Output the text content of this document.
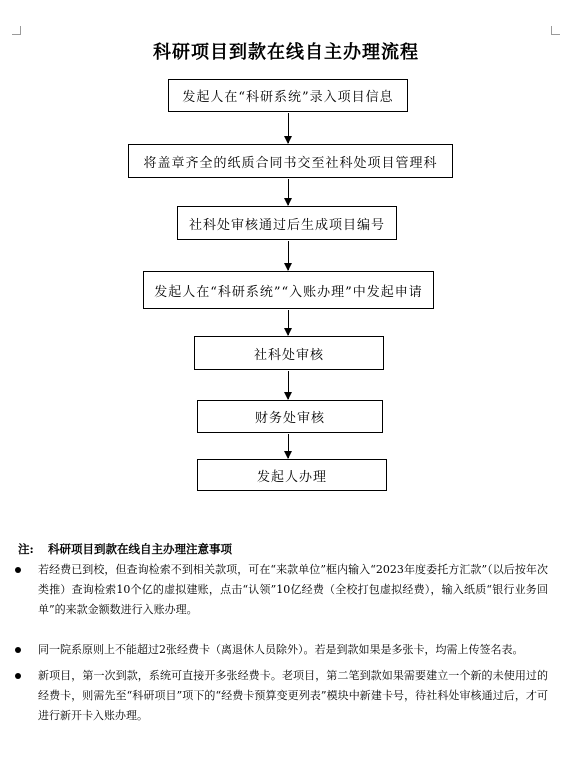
科研项目到款在线自主办理流程
发起人在“科研系统”录入项目信息
将盖章齐全的纸质合同书交至社科处项目管理科
社科处审核通过后生成项目编号
发起人在“科研系统”“入账办理”中发起申请
社科处审核
财务处审核
发起人办理
注: 科研项目到款在线自主办理注意事项
若经费已到校，但查询检索不到相关款项，可在“来款单位”框内输入“2023年度委托方汇款”（以后按年次类推）查询检索10个亿的虚拟建账，点击“认领”10亿经费（全校打包虚拟经费），输入纸质“银行业务回单”的来款金额数进行入账办理。
同一院系原则上不能超过2张经费卡（离退休人员除外）。若是到款如果是多张卡，均需上传签名表。
新项目，第一次到款，系统可直接开多张经费卡。老项目，第二笔到款如果需要建立一个新的未使用过的经费卡，则需先至“科研项目”项下的“经费卡预算变更列表”模块中新建卡号，待社科处审核通过后，才可进行新开卡入账办理。
